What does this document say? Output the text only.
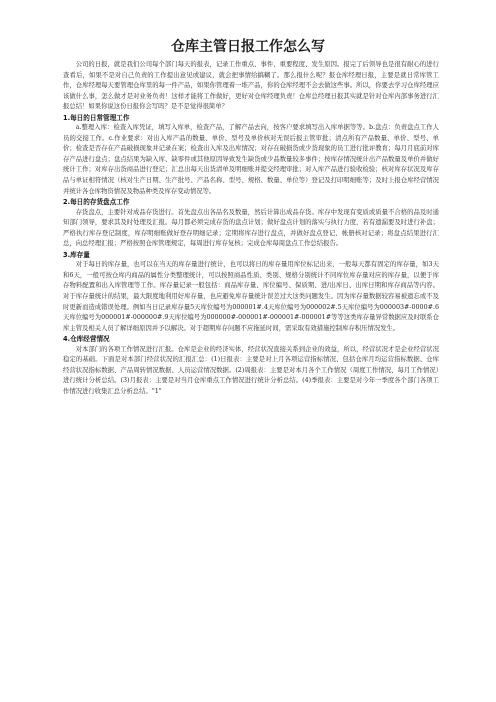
仓库主管日报工作怎么写

公司的日报，就是我们公司每个部门每天的报表，记录工作重点、事件、重要程度、发生原因。报完了后领导也是很有耐心的进行查看后，如果不是对自己负责的工作提出意见或建议，就会把事情给搞糊了。那么报什么呢？报仓库经理日报，主要是就日常库管工作，仓库经理每天要管理仓库里的每一件产品，如果你管理着一堆产品，你的仓库经理不会去做这些事。所以，你要去学习仓库经理应该做什么事，怎么做才是对业务负责！这样才能将工作做好，更好对仓库经理负责！仓库总经理日报其实就是针对仓库内部事务进行汇报总结！如果你说这份日报你会写吗？是不是觉得很简单？

1.每日的日常管理工作

a.整理入库：检查入库凭证，填写入库单，检查产品，了解产品去向，按客户要求填写出入库单据等等。b.盘点：负责盘点工作人员的交接工作。c.作业要求：对出入库产品的数量、单价、型号及单价核对无误后报主管审批；清点所有产品数量、单价、型号、单价；检查是否存在产品破损现象并记录在案；检查出入库及出库情况；对存在破损货或少货现象的员工进行批评教育；每月月底前对库存产品进行盘点；盘点结果为缺入库、缺零件或其他原因导致发生缺货或少品数量较多事件；按库存情况统计出产品数量及单价并做好统计工作；对库存出货商品进行登记；汇总出每天出货清单及明细账并提交经理审批；对入库产品进行验收检验；核对库存状况及库存品与单证相符情况（核对生产日期、生产批号、产品名称、型号、规格、数量、单位等）登记及打印明细账等；及时上报仓库经营情况并统计各仓库物资情况及物品种类及库存变动情况等。

2.每日的存货盘点工作

存货盘点，主要针对成品存货进行。首先盘点出各品名及数量，然后计算出成品存货。库存中发现有变质或质量不合格的品及时通知部门领导，要求其及时处理及汇报。每月都必须完成存货的盘点计划；做好盘点计划的落实与执行力度，若有遗漏要及时进行补盘；严格执行库存登记制度，库存明细账做好登存明细记录；定期将库存进行盘点，并做好盘点登记、帐册核对记录；将盘点结果进行汇总，向总经理汇报；严格按照仓库管理规定，每周进行库存复核；完成仓库每周盘点工作总结报告。

3.库存量

对于每日的库存量，也可以在当天的库存量进行统计，也可以将日的库存量用库位标记出来，一般每天都有固定的库存量，如3天和6天，一般可按仓库内商品的属性分类整理统计，可以按照商品性质、类别、规格分别统计不同库位库存量对应的库存量，以便于库存物料配置和出入库管理等工作。库存量记录一般包括：商品库存量、库位编号、保质期、进/出库日、出库日期和库存商品等内容。对于库存量统计的结果，最大限度地利用好库存量，也应避免库存量统计误差过大这类问题发生。因为库存量数据较容易被遗忘或不及时更新而造成错误处理。例如当日记录库存量5天库位编号为000001#.4天库位编号为000002#.5天库位编号为000003#-0000#.6天库位编号为000001#-000000#.9天库位编号为000000#-000001#-000001#-000001#等等这类库存量异常数据应及时联系仓库主管及相关人员了解详细原因并予以解决。对于超期库存问题不应拖延时间，需采取有效措施控制库存积压情况发生。

4.仓库经营情况

对本部门的各项工作情况进行汇报。仓库是企业的经济实体，经营状况直接关系到企业的效益，所以，经营状况才是企业经营状况稳定的基础。下面是对本部门经营状况的汇报汇总：(1)日报表：主要是对上月各项运营指标情况、包括仓库月均运营指标数据、仓库经营状况指标数据、产品周转情况数据、人员运营情况数据。(2)周报表：主要是对本月各个工作情况（周度工作情况、每月工作情况）进行统计分析总结。(3)月报表：主要是对当月仓库重点工作情况进行统计分析总结。(4)季报表：主要是对今年一季度各个部门各项工作情况进行收集汇总分析总结。"1"
